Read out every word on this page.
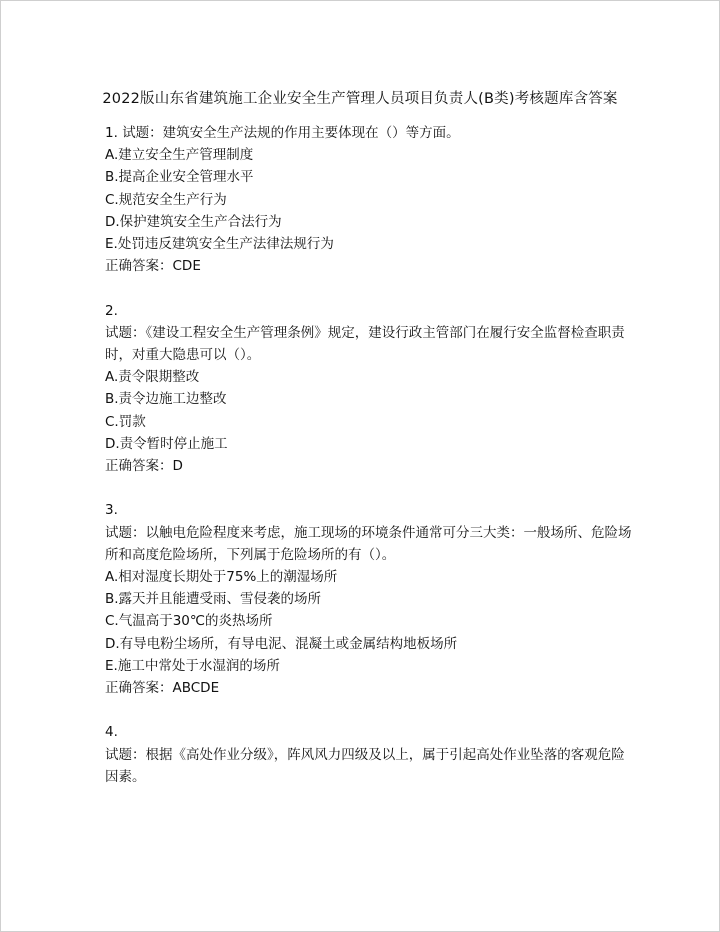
2022版山东省建筑施工企业安全生产管理人员项目负责人(B类)考核题库含答案
1. 试题：建筑安全生产法规的作用主要体现在（）等方面。
A.建立安全生产管理制度
B.提高企业安全管理水平
C.规范安全生产行为
D.保护建筑安全生产合法行为
E.处罚违反建筑安全生产法律法规行为
正确答案：CDE
2.
试题：《建设工程安全生产管理条例》规定，建设行政主管部门在履行安全监督检查职责
时，对重大隐患可以（）。
A.责令限期整改
B.责令边施工边整改
C.罚款
D.责令暂时停止施工
正确答案：D
3.
试题：以触电危险程度来考虑，施工现场的环境条件通常可分三大类：一般场所、危险场
所和高度危险场所，下列属于危险场所的有（）。
A.相对湿度长期处于75%上的潮湿场所
B.露天并且能遭受雨、雪侵袭的场所
C.气温高于30℃的炎热场所
D.有导电粉尘场所，有导电泥、混凝土或金属结构地板场所
E.施工中常处于水湿润的场所
正确答案：ABCDE
4.
试题：根据《高处作业分级》，阵风风力四级及以上，属于引起高处作业坠落的客观危险
因素。
